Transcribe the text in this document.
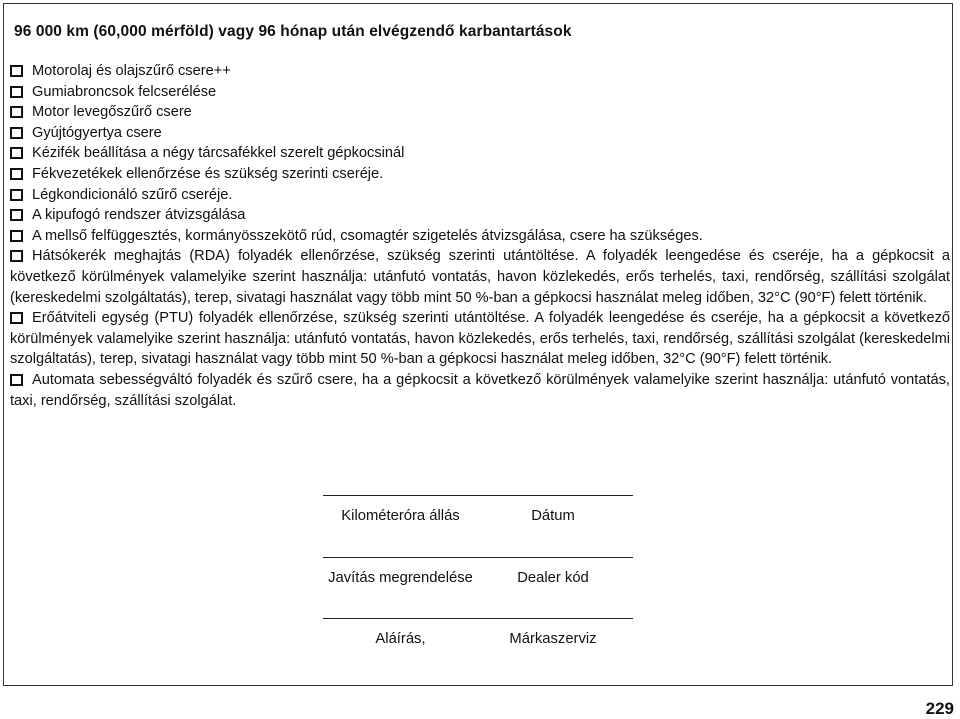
96 000 km (60,000 mérföld) vagy 96 hónap után elvégzendő karbantartások
Motorolaj és olajszűrő csere++
Gumiabroncsok felcserélése
Motor levegőszűrő csere
Gyújtógyertya csere
Kézifék beállítása a négy tárcsafékkel szerelt gépkocsinál
Fékvezetékek ellenőrzése és szükség szerinti cseréje.
Légkondicionáló szűrő cseréje.
A kipufogó rendszer átvizsgálása
A mellső felfüggesztés, kormányösszekötő rúd, csomagtér szigetelés átvizsgálása, csere ha szükséges.
Hátsókerék meghajtás (RDA) folyadék ellenőrzése, szükség szerinti utántöltése. A folyadék leengedése és cseréje, ha a gépkocsit a következő körülmények valamelyike szerint használja: utánfutó vontatás, havon közlekedés, erős terhelés, taxi, rendőrség, szállítási szolgálat (kereskedelmi szolgáltatás), terep, sivatagi használat vagy több mint 50 %-ban a gépkocsi használat meleg időben, 32°C (90°F) felett történik.
Erőátviteli egység (PTU) folyadék ellenőrzése, szükség szerinti utántöltése. A folyadék leengedése és cseréje, ha a gépkocsit a következő körülmények valamelyike szerint használja: utánfutó vontatás, havon közlekedés, erős terhelés, taxi, rendőrség, szállítási szolgálat (kereskedelmi szolgáltatás), terep, sivatagi használat vagy több mint 50 %-ban a gépkocsi használat meleg időben, 32°C (90°F) felett történik.
Automata sebességváltó folyadék és szűrő csere, ha a gépkocsit a következő körülmények valamelyike szerint használja: utánfutó vontatás, taxi, rendőrség, szállítási szolgálat.
Kilométeróra állás	Dátum
Javítás megrendelése	Dealer kód
Aláírás,	Márkaszerviz
229
